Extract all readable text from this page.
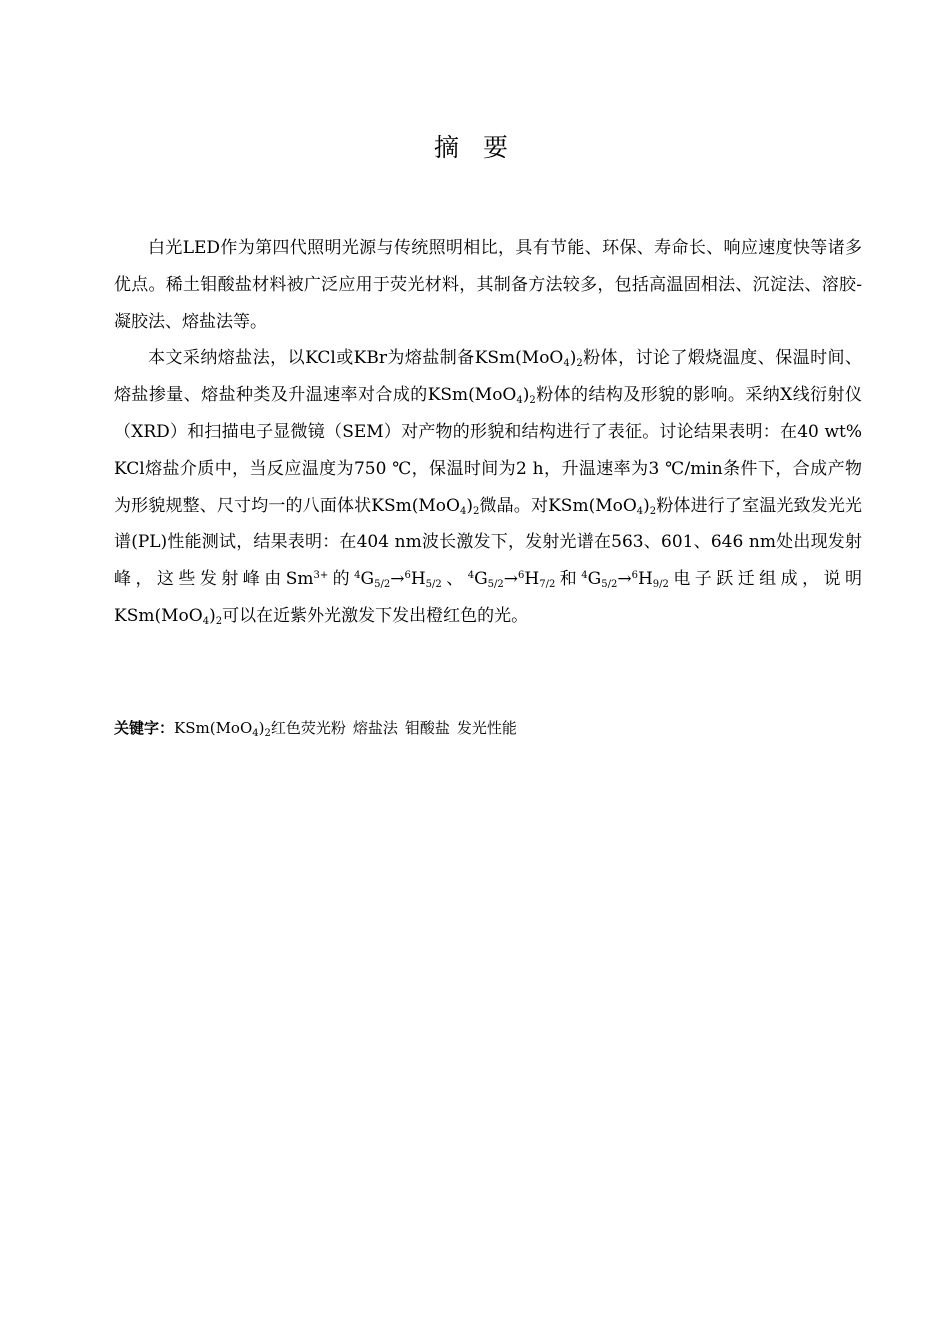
摘 要

白光LED作为第四代照明光源与传统照明相比，具有节能、环保、寿命长、响应速度快等诸多优点。稀土钼酸盐材料被广泛应用于荧光材料，其制备方法较多，包括高温固相法、沉淀法、溶胶-凝胶法、熔盐法等。

本文采纳熔盐法，以KCl或KBr为熔盐制备$KSm(MoO_4)_2$粉体，讨论了煅烧温度、保温时间、熔盐掺量、熔盐种类及升温速率对合成的$KSm(MoO_4)_2$粉体的结构及形貌的影响。采纳X线衍射仪（XRD）和扫描电子显微镜（SEM）对产物的形貌和结构进行了表征。讨论结果表明：在40 wt% KCl熔盐介质中，当反应温度为750 ℃，保温时间为2 h，升温速率为3 ℃/min条件下，合成产物为形貌规整、尺寸均一的八面体状$KSm(MoO_4)_2$微晶。对$KSm(MoO_4)_2$粉体进行了室温光致发光光谱(PL)性能测试，结果表明：在404 nm波长激发下，发射光谱在563、601、646 nm处出现发射峰，这些发射峰由$Sm^{3+}$的$^4G_{5/2}\to^6H_{5/2}$、$^4G_{5/2}\to^6H_{7/2}$和$^4G_{5/2}\to^6H_{9/2}$电子跃迁组成，说明$KSm(MoO_4)_2$可以在近紫外光激发下发出橙红色的光。

关键字：$KSm(MoO_4)_2$红色荧光粉 熔盐法 钼酸盐 发光性能
